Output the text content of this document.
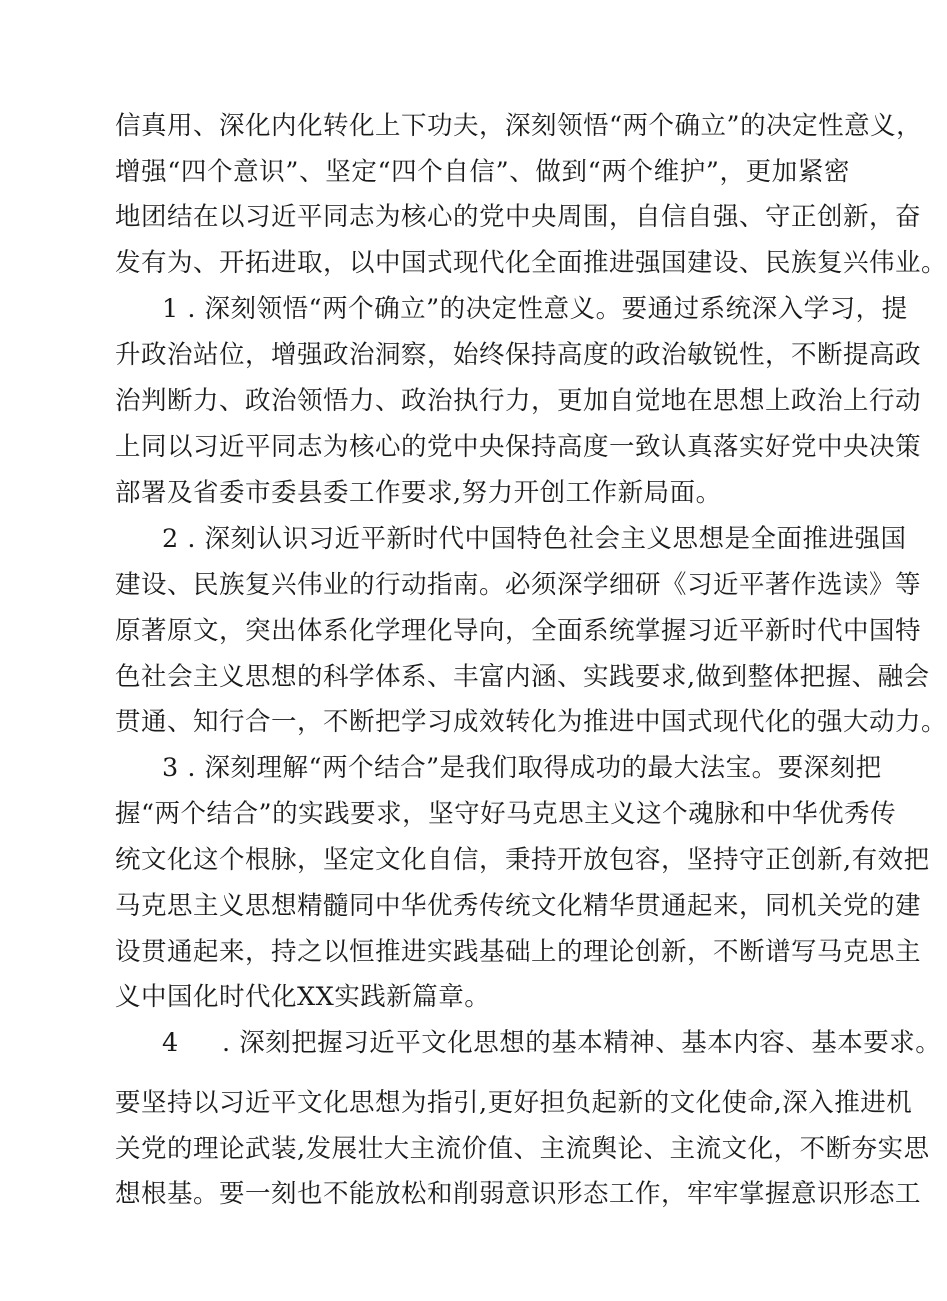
信真用、深化内化转化上下功夫，深刻领悟“两个确立”的决定性意义，
增强“四个意识”、坚定“四个自信”、做到“两个维护”，更加紧密
地团结在以习近平同志为核心的党中央周围，自信自强、守正创新，奋
发有为、开拓进取，以中国式现代化全面推进强国建设、民族复兴伟业。
1 . 深刻领悟“两个确立”的决定性意义。要通过系统深入学习，提
升政治站位，增强政治洞察，始终保持高度的政治敏锐性，不断提高政
治判断力、政治领悟力、政治执行力，更加自觉地在思想上政治上行动
上同以习近平同志为核心的党中央保持高度一致认真落实好党中央决策
部署及省委市委县委工作要求,努力开创工作新局面。
2 . 深刻认识习近平新时代中国特色社会主义思想是全面推进强国
建设、民族复兴伟业的行动指南。必须深学细研《习近平著作选读》等
原著原文，突出体系化学理化导向，全面系统掌握习近平新时代中国特
色社会主义思想的科学体系、丰富内涵、实践要求,做到整体把握、融会
贯通、知行合一，不断把学习成效转化为推进中国式现代化的强大动力。
3 . 深刻理解“两个结合”是我们取得成功的最大法宝。要深刻把
握“两个结合”的实践要求，坚守好马克思主义这个魂脉和中华优秀传
统文化这个根脉，坚定文化自信，秉持开放包容，坚持守正创新,有效把
马克思主义思想精髓同中华优秀传统文化精华贯通起来，同机关党的建
设贯通起来，持之以恒推进实践基础上的理论创新，不断谱写马克思主
义中国化时代化XX实践新篇章。
4 . 深刻把握习近平文化思想的基本精神、基本内容、基本要求。
要坚持以习近平文化思想为指引,更好担负起新的文化使命,深入推进机
关党的理论武装,发展壮大主流价值、主流舆论、主流文化，不断夯实思
想根基。要一刻也不能放松和削弱意识形态工作，牢牢掌握意识形态工
